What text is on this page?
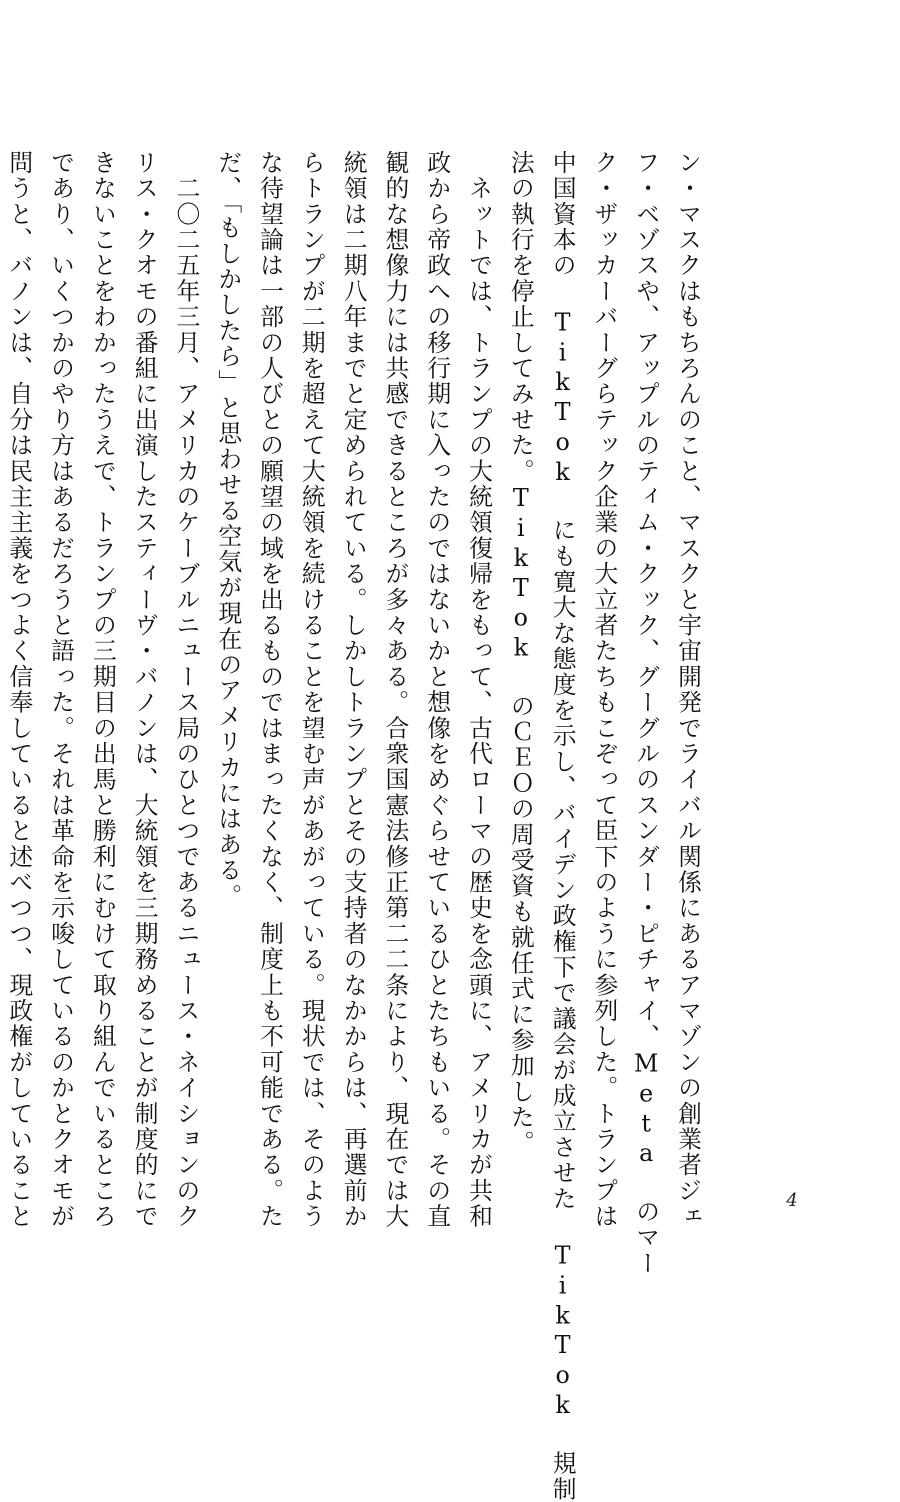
ン・マスクはもちろんのこと、マスクと宇宙開発でライバル関係にあるアマゾンの創業者ジェ
フ・ベゾスや、アップルのティム・クック、グーグルのスンダー・ピチャイ、Meta のマー
ク・ザッカーバーグらテック企業の大立者たちもこぞって臣下のように参列した。トランプは
中国資本の TikTok にも寛大な態度を示し、バイデン政権下で議会が成立させた TikTok 規制
法の執行を停止してみせた。TikTok のＣＥＯの周受資も就任式に参加した。
　ネットでは、トランプの大統領復帰をもって、古代ローマの歴史を念頭に、アメリカが共和
政から帝政への移行期に入ったのではないかと想像をめぐらせているひとたちもいる。その直
観的な想像力には共感できるところが多々ある。合衆国憲法修正第二二条により、現在では大
統領は二期八年までと定められている。しかしトランプとその支持者のなかからは、再選前か
らトランプが二期を超えて大統領を続けることを望む声があがっている。現状では、そのよう
な待望論は一部の人びとの願望の域を出るものではまったくなく、制度上も不可能である。た
だ、「もしかしたら」と思わせる空気が現在のアメリカにはある。
　二〇二五年三月、アメリカのケーブルニュース局のひとつであるニュース・ネイションのク
リス・クオモの番組に出演したスティーヴ・バノンは、大統領を三期務めることが制度的にで
きないことをわかったうえで、トランプの三期目の出馬と勝利にむけて取り組んでいるところ
であり、いくつかのやり方はあるだろうと語った。それは革命を示唆しているのかとクオモが
問うと、バノンは、自分は民主主義をつよく信奉していると述べつつ、現政権がしていること	4
